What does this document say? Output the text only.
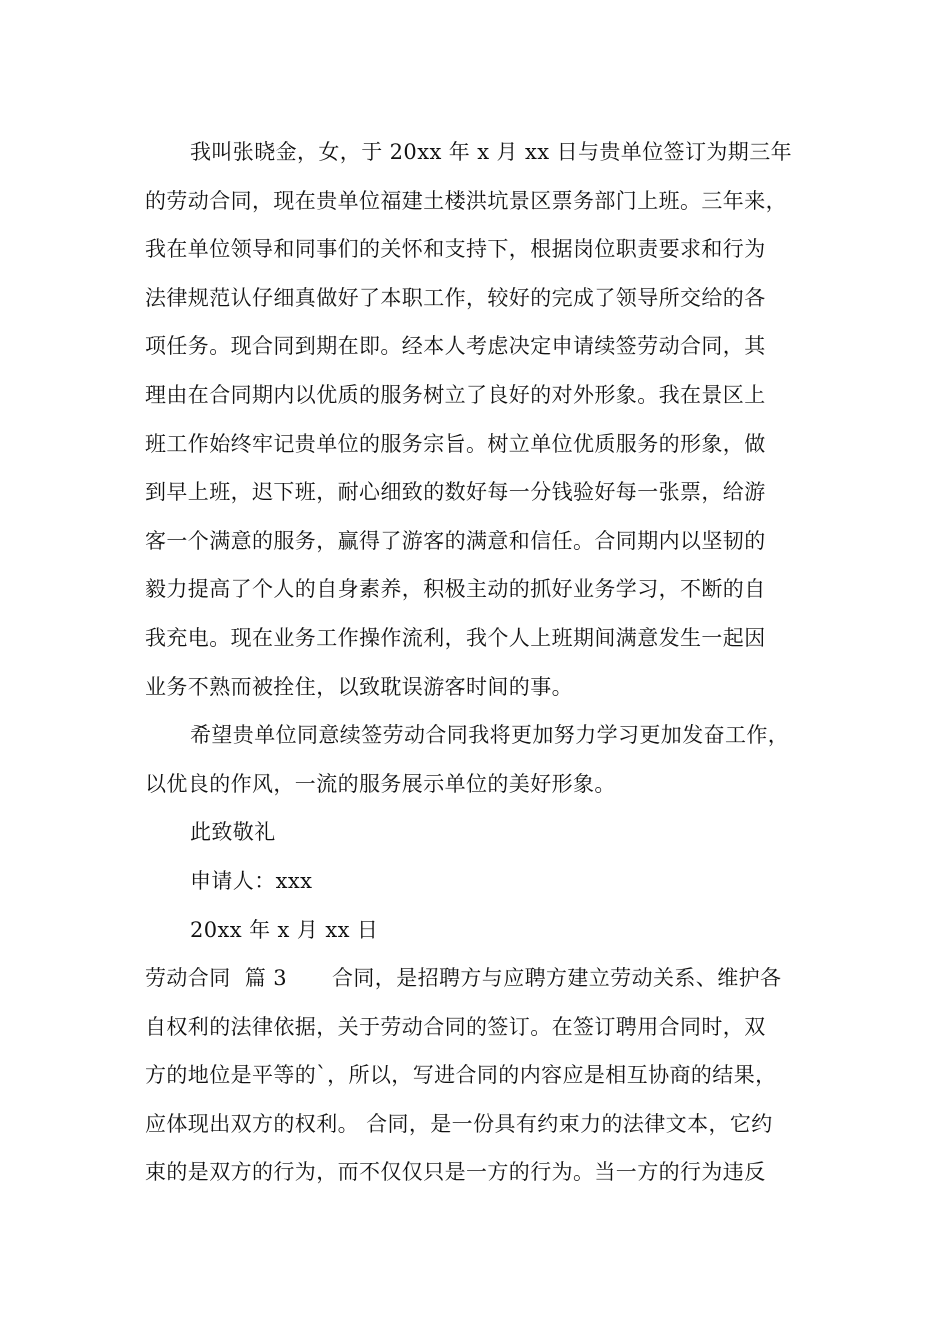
我叫张晓金，女，于 20xx 年 x 月 xx 日与贵单位签订为期三年
的劳动合同，现在贵单位福建土楼洪坑景区票务部门上班。三年来，
我在单位领导和同事们的关怀和支持下，根据岗位职责要求和行为
法律规范认仔细真做好了本职工作，较好的完成了领导所交给的各
项任务。现合同到期在即。经本人考虑决定申请续签劳动合同，其
理由在合同期内以优质的服务树立了良好的对外形象。我在景区上
班工作始终牢记贵单位的服务宗旨。树立单位优质服务的形象，做
到早上班，迟下班，耐心细致的数好每一分钱验好每一张票，给游
客一个满意的服务，赢得了游客的满意和信任。合同期内以坚韧的
毅力提高了个人的自身素养，积极主动的抓好业务学习，不断的自
我充电。现在业务工作操作流利，我个人上班期间满意发生一起因
业务不熟而被拴住，以致耽误游客时间的事。
希望贵单位同意续签劳动合同我将更加努力学习更加发奋工作，
以优良的作风，一流的服务展示单位的美好形象。
此致敬礼
申请人：xxx
20xx 年 x 月 xx 日
劳动合同  篇 3 合同，是招聘方与应聘方建立劳动关系、维护各
自权利的法律依据，关于劳动合同的签订。在签订聘用合同时，双
方的地位是平等的`，所以，写进合同的内容应是相互协商的结果，
应体现出双方的权利。 合同，是一份具有约束力的法律文本，它约
束的是双方的行为，而不仅仅只是一方的行为。当一方的行为违反
